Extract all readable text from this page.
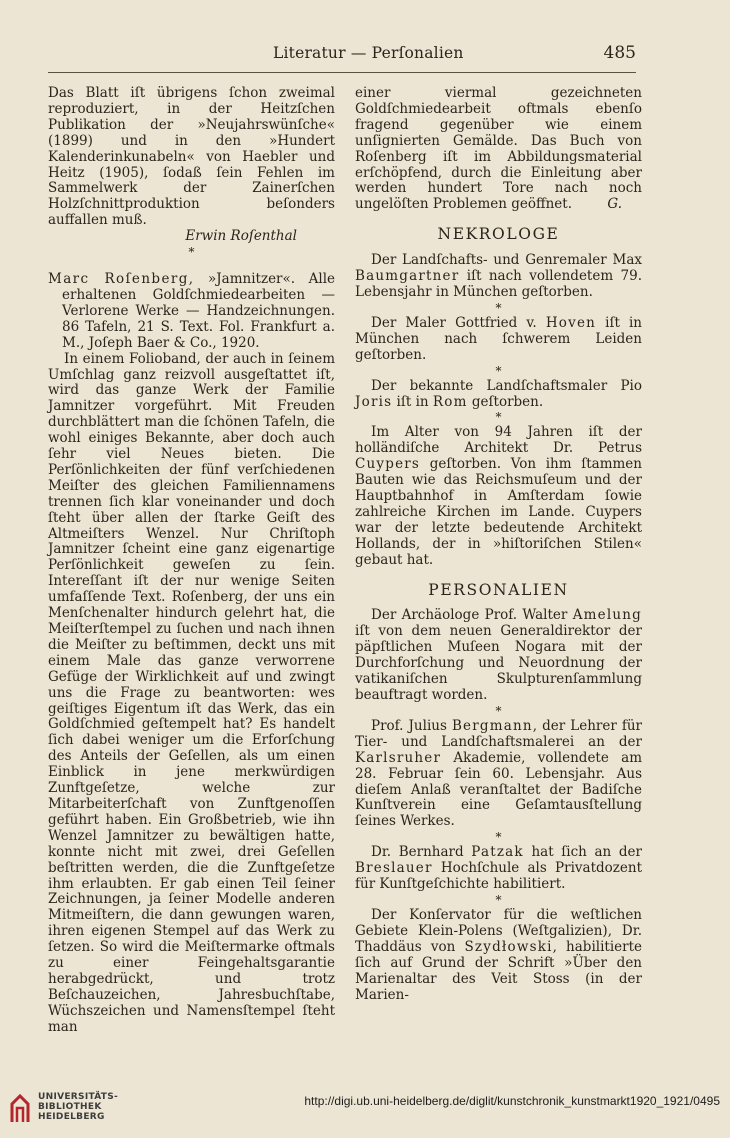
Literatur — Perſonalien	485

Das Blatt iſt übrigens ſchon zweimal reproduziert, in der Heitzſchen Publikation der »Neujahrswünſche« (1899) und in den »Hundert Kalenderinkunabeln« von Haebler und Heitz (1905), ſodaß ſein Fehlen im Sammelwerk der Zainerſchen Holzſchnittproduktion beſonders auffallen muß.

Erwin Roſenthal

*

Marc Roſenberg, »Jamnitzer«. Alle erhaltenen Goldſchmiedearbeiten — Verlorene Werke — Handzeichnungen. 86 Tafeln, 21 S. Text. Fol. Frankfurt a. M., Joſeph Baer & Co., 1920.

In einem Folioband, der auch in ſeinem Umſchlag ganz reizvoll ausgeſtattet iſt, wird das ganze Werk der Familie Jamnitzer vorgeführt. Mit Freuden durchblättert man die ſchönen Tafeln, die wohl einiges Bekannte, aber doch auch ſehr viel Neues bieten. Die Perſönlichkeiten der fünf verſchiedenen Meiſter des gleichen Familiennamens trennen ſich klar voneinander und doch ſteht über allen der ſtarke Geiſt des Altmeiſters Wenzel. Nur Chriſtoph Jamnitzer ſcheint eine ganz eigenartige Perſönlichkeit geweſen zu ſein. Intereſſant iſt der nur wenige Seiten umfaſſende Text. Roſenberg, der uns ein Menſchenalter hindurch gelehrt hat, die Meiſterſtempel zu ſuchen und nach ihnen die Meiſter zu beſtimmen, deckt uns mit einem Male das ganze verworrene Gefüge der Wirklichkeit auf und zwingt uns die Frage zu beantworten: wes geiſtiges Eigentum iſt das Werk, das ein Goldſchmied geſtempelt hat? Es handelt ſich dabei weniger um die Erforſchung des Anteils der Geſellen, als um einen Einblick in jene merkwürdigen Zunftgeſetze, welche zur Mitarbeiterſchaft von Zunftgenoſſen geführt haben. Ein Großbetrieb, wie ihn Wenzel Jamnitzer zu bewältigen hatte, konnte nicht mit zwei, drei Geſellen beſtritten werden, die die Zunftgeſetze ihm erlaubten. Er gab einen Teil ſeiner Zeichnungen, ja ſeiner Modelle anderen Mitmeiſtern, die dann gewungen waren, ihren eigenen Stempel auf das Werk zu ſetzen. So wird die Meiſtermarke oftmals zu einer Feingehaltsgarantie herabgedrückt, und trotz Beſchauzeichen, Jahresbuchſtabe, Wüchszeichen und Namensſtempel ſteht man

einer viermal gezeichneten Goldſchmiedearbeit oftmals ebenſo fragend gegenüber wie einem unſignierten Gemälde. Das Buch von Roſenberg iſt im Abbildungsmaterial erſchöpfend, durch die Einleitung aber werden hundert Tore nach noch ungelöſten Problemen geöffnet.	G.

NEKROLOGE

Der Landſchafts- und Genremaler Max Baumgartner iſt nach vollendetem 79. Lebensjahr in München geſtorben.

*

Der Maler Gottfried v. Hoven iſt in München nach ſchwerem Leiden geſtorben.

*

Der bekannte Landſchaftsmaler Pio Joris iſt in Rom geſtorben.

*

Im Alter von 94 Jahren iſt der holländiſche Architekt Dr. Petrus Cuypers geſtorben. Von ihm ſtammen Bauten wie das Reichsmuſeum und der Hauptbahnhof in Amſterdam ſowie zahlreiche Kirchen im Lande. Cuypers war der letzte bedeutende Architekt Hollands, der in »hiſtoriſchen Stilen« gebaut hat.

PERSONALIEN

Der Archäologe Prof. Walter Amelung iſt von dem neuen Generaldirektor der päpſtlichen Muſeen Nogara mit der Durchforſchung und Neuordnung der vatikaniſchen Skulpturenſammlung beauftragt worden.

*

Prof. Julius Bergmann, der Lehrer für Tier- und Landſchaftsmalerei an der Karlsruher Akademie, vollendete am 28. Februar ſein 60. Lebensjahr. Aus dieſem Anlaß veranſtaltet der Badiſche Kunſtverein eine Geſamtausſtellung ſeines Werkes.

*

Dr. Bernhard Patzak hat ſich an der Breslauer Hochſchule als Privatdozent für Kunſtgeſchichte habilitiert.

*

Der Konſervator für die weſtlichen Gebiete Klein-Polens (Weſtgalizien), Dr. Thaddäus von Szydłowski, habilitierte ſich auf Grund der Schrift »Über den Marienaltar des Veit Stoss (in der Marien-

UNIVERSITÄTS-
BIBLIOTHEK
HEIDELBERG
http://digi.ub.uni-heidelberg.de/diglit/kunstchronik_kunstmarkt1920_1921/0495
